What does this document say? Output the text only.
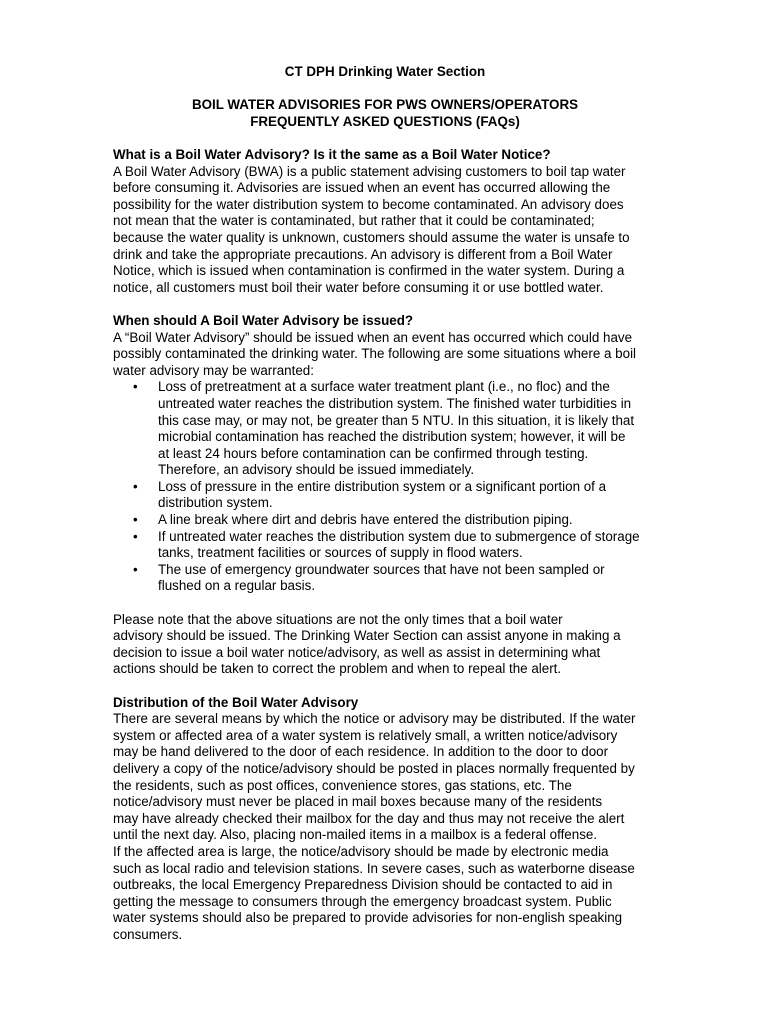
CT DPH Drinking Water Section
BOIL WATER ADVISORIES FOR PWS OWNERS/OPERATORS
FREQUENTLY ASKED QUESTIONS (FAQs)

What is a Boil Water Advisory? Is it the same as a Boil Water Notice?

A Boil Water Advisory (BWA) is a public statement advising customers to boil tap water

before consuming it. Advisories are issued when an event has occurred allowing the

possibility for the water distribution system to become contaminated. An advisory does

not mean that the water is contaminated, but rather that it could be contaminated;

because the water quality is unknown, customers should assume the water is unsafe to

drink and take the appropriate precautions. An advisory is different from a Boil Water

Notice, which is issued when contamination is confirmed in the water system. During a

notice, all customers must boil their water before consuming it or use bottled water.

When should A Boil Water Advisory be issued?

A “Boil Water Advisory” should be issued when an event has occurred which could have

possibly contaminated the drinking water. The following are some situations where a boil

water advisory may be warranted:

• Loss of pretreatment at a surface water treatment plant (i.e., no floc) and the
untreated water reaches the distribution system. The finished water turbidities in
this case may, or may not, be greater than 5 NTU. In this situation, it is likely that
microbial contamination has reached the distribution system; however, it will be
at least 24 hours before contamination can be confirmed through testing.
Therefore, an advisory should be issued immediately.
• Loss of pressure in the entire distribution system or a significant portion of a
distribution system.
• A line break where dirt and debris have entered the distribution piping.
• If untreated water reaches the distribution system due to submergence of storage
tanks, treatment facilities or sources of supply in flood waters.
• The use of emergency groundwater sources that have not been sampled or
flushed on a regular basis.

Please note that the above situations are not the only times that a boil water

advisory should be issued. The Drinking Water Section can assist anyone in making a

decision to issue a boil water notice/advisory, as well as assist in determining what

actions should be taken to correct the problem and when to repeal the alert.

Distribution of the Boil Water Advisory

There are several means by which the notice or advisory may be distributed. If the water

system or affected area of a water system is relatively small, a written notice/advisory

may be hand delivered to the door of each residence. In addition to the door to door

delivery a copy of the notice/advisory should be posted in places normally frequented by

the residents, such as post offices, convenience stores, gas stations, etc. The

notice/advisory must never be placed in mail boxes because many of the residents

may have already checked their mailbox for the day and thus may not receive the alert

until the next day. Also, placing non-mailed items in a mailbox is a federal offense.

If the affected area is large, the notice/advisory should be made by electronic media

such as local radio and television stations. In severe cases, such as waterborne disease

outbreaks, the local Emergency Preparedness Division should be contacted to aid in

getting the message to consumers through the emergency broadcast system. Public

water systems should also be prepared to provide advisories for non-english speaking

consumers.
